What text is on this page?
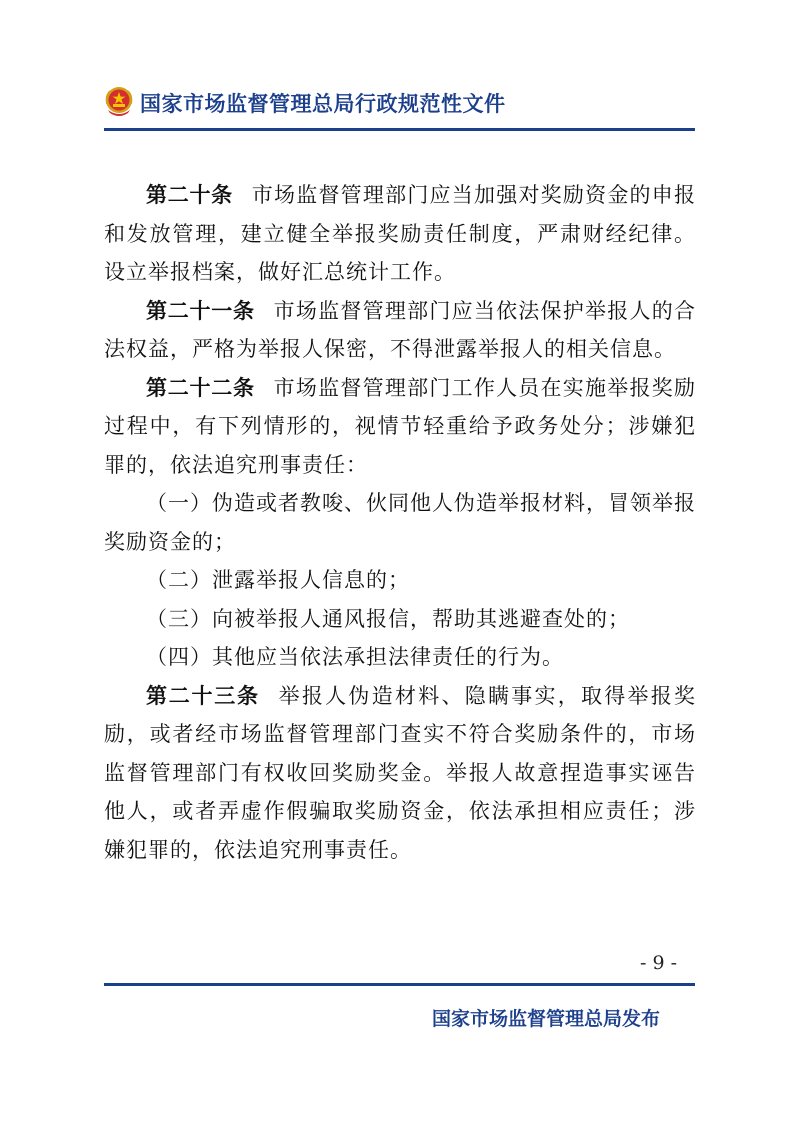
国家市场监督管理总局行政规范性文件

第二十条 市场监督管理部门应当加强对奖励资金的申报和发放管理，建立健全举报奖励责任制度，严肃财经纪律。设立举报档案，做好汇总统计工作。

第二十一条 市场监督管理部门应当依法保护举报人的合法权益，严格为举报人保密，不得泄露举报人的相关信息。

第二十二条 市场监督管理部门工作人员在实施举报奖励过程中，有下列情形的，视情节轻重给予政务处分；涉嫌犯罪的，依法追究刑事责任：

（一）伪造或者教唆、伙同他人伪造举报材料，冒领举报奖励资金的；

（二）泄露举报人信息的；

（三）向被举报人通风报信，帮助其逃避查处的；

（四）其他应当依法承担法律责任的行为。

第二十三条 举报人伪造材料、隐瞒事实，取得举报奖励，或者经市场监督管理部门查实不符合奖励条件的，市场监督管理部门有权收回奖励奖金。举报人故意捏造事实诬告他人，或者弄虚作假骗取奖励资金，依法承担相应责任；涉嫌犯罪的，依法追究刑事责任。

- 9 -
国家市场监督管理总局发布
